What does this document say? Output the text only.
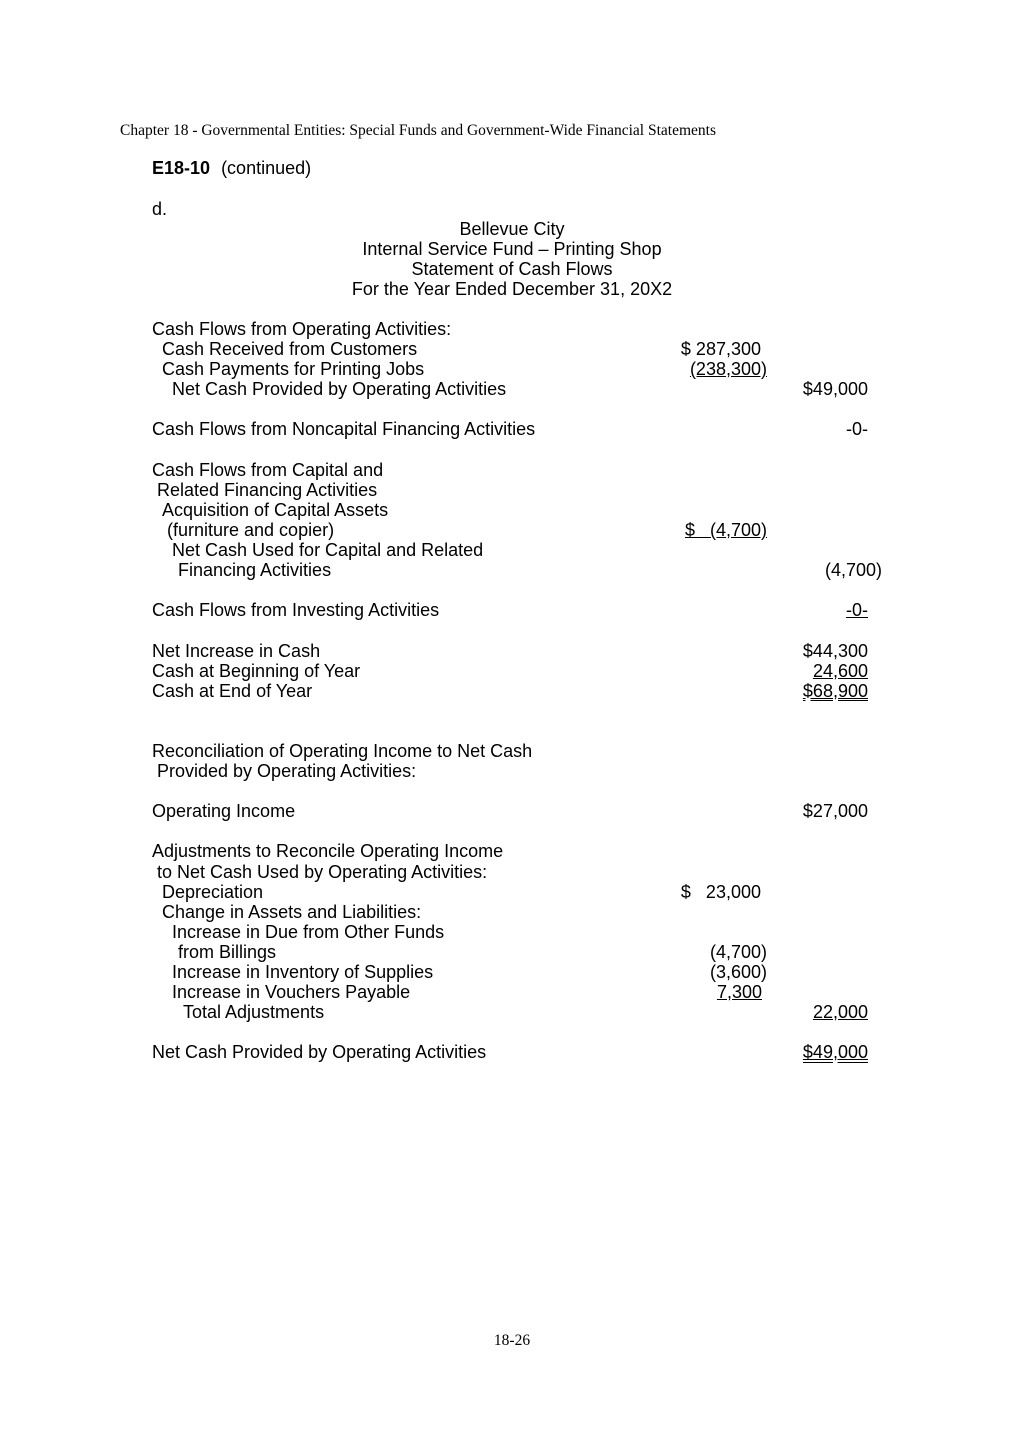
Chapter 18 - Governmental Entities: Special Funds and Government-Wide Financial Statements
E18-10 (continued)
d.
Bellevue City
Internal Service Fund – Printing Shop
Statement of Cash Flows
For the Year Ended December 31, 20X2
Cash Flows from Operating Activities:
Cash Received from Customers	$ 287,300
Cash Payments for Printing Jobs	(238,300)
Net Cash Provided by Operating Activities	$49,000
Cash Flows from Noncapital Financing Activities	-0-
Cash Flows from Capital and
Related Financing Activities
Acquisition of Capital Assets
(furniture and copier)	$   (4,700)
Net Cash Used for Capital and Related
Financing Activities	(4,700)
Cash Flows from Investing Activities	-0-
Net Increase in Cash	$44,300
Cash at Beginning of Year	24,600
Cash at End of Year	$68,900
Reconciliation of Operating Income to Net Cash
Provided by Operating Activities:
Operating Income	$27,000
Adjustments to Reconcile Operating Income
to Net Cash Used by Operating Activities:
Depreciation	$   23,000
Change in Assets and Liabilities:
Increase in Due from Other Funds
from Billings	(4,700)
Increase in Inventory of Supplies	(3,600)
Increase in Vouchers Payable	7,300
Total Adjustments	22,000
Net Cash Provided by Operating Activities	$49,000
18-26
